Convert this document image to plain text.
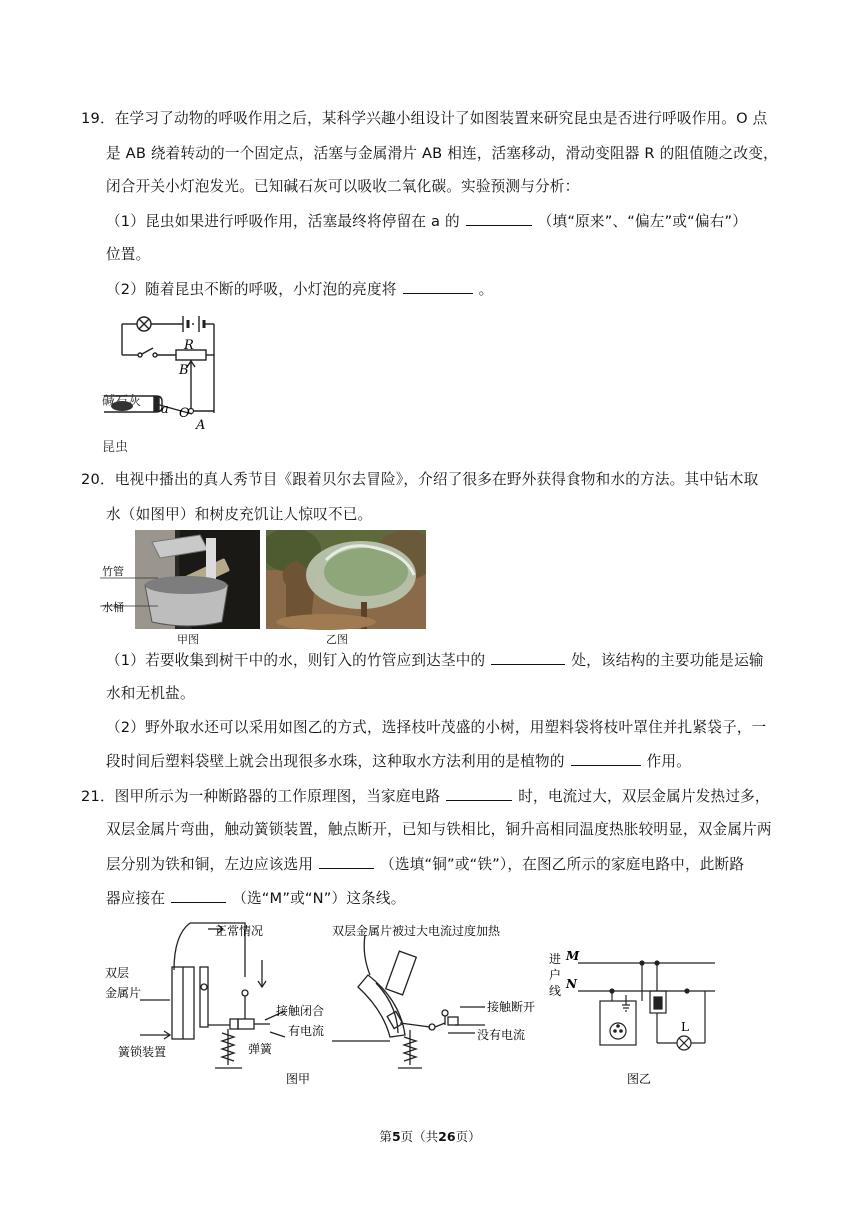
19．在学习了动物的呼吸作用之后，某科学兴趣小组设计了如图装置来研究昆虫是否进行呼吸作用。O 点
是 AB 绕着转动的一个固定点，活塞与金属滑片 AB 相连，活塞移动，滑动变阻器 R 的阻值随之改变，
闭合开关小灯泡发光。已知碱石灰可以吸收二氧化碳。实验预测与分析：
（1）昆虫如果进行呼吸作用，活塞最终将停留在 a 的	（填“原来”、“偏左”或“偏右”）
位置。
（2）随着昆虫不断的呼吸，小灯泡的亮度将	。
R
B
a O
A
碱石灰
昆虫
20．电视中播出的真人秀节目《跟着贝尔去冒险》，介绍了很多在野外获得食物和水的方法。其中钻木取
水（如图甲）和树皮充饥让人惊叹不已。
竹管
水桶
甲图	乙图
（1）若要收集到树干中的水，则钉入的竹管应到达茎中的	处，该结构的主要功能是运输
水和无机盐。
（2）野外取水还可以采用如图乙的方式，选择枝叶茂盛的小树，用塑料袋将枝叶罩住并扎紧袋子，一
段时间后塑料袋壁上就会出现很多水珠，这种取水方法利用的是植物的	作用。
21．图甲所示为一种断路器的工作原理图，当家庭电路	时，电流过大，双层金属片发热过多，
双层金属片弯曲，触动簧锁装置，触点断开，已知与铁相比，铜升高相同温度热胀较明显，双金属片两
层分别为铁和铜，左边应该选用	（选填“铜”或“铁”），在图乙所示的家庭电路中，此断路
器应接在	（选“M”或“N”）这条线。
正常情况
双层
金属片
簧锁装置	弹簧
接触闭合
有电流
双层金属片被过大电流过度加热
接触断开
没有电流
图甲
进
户
线
M
N
L
图乙
第5页（共26页）
